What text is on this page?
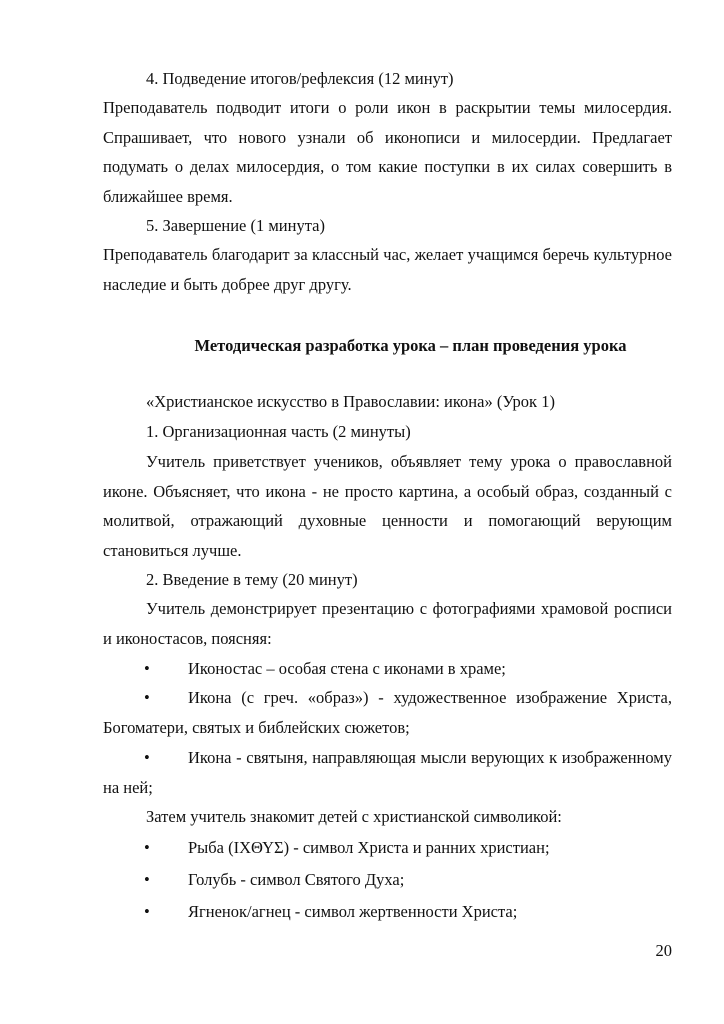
4. Подведение итогов/рефлексия (12 минут)

Преподаватель подводит итоги о роли икон в раскрытии темы милосердия. Спрашивает, что нового узнали об иконописи и милосердии. Предлагает подумать о делах милосердия, о том какие поступки в их силах совершить в ближайшее время.

5. Завершение (1 минута)

Преподаватель благодарит за классный час, желает учащимся беречь культурное наследие и быть добрее друг другу.

Методическая разработка урока – план проведения урока

«Христианское искусство в Православии: икона» (Урок 1)

1. Организационная часть (2 минуты)

Учитель приветствует учеников, объявляет тему урока о православной иконе. Объясняет, что икона - не просто картина, а особый образ, созданный с молитвой, отражающий духовные ценности и помогающий верующим становиться лучше.

2. Введение в тему (20 минут)

Учитель демонстрирует презентацию с фотографиями храмовой росписи и иконостасов, поясняя:

•	Иконостас – особая стена с иконами в храме;
•	Икона (с греч. «образ») - художественное изображение Христа, Богоматери, святых и библейских сюжетов;
•	Икона - святыня, направляющая мысли верующих к изображенному на ней;

Затем учитель знакомит детей с христианской символикой:

•	Рыба (ΙΧΘΥΣ) - символ Христа и ранних христиан;
•	Голубь - символ Святого Духа;
•	Ягненок/агнец - символ жертвенности Христа;
20
